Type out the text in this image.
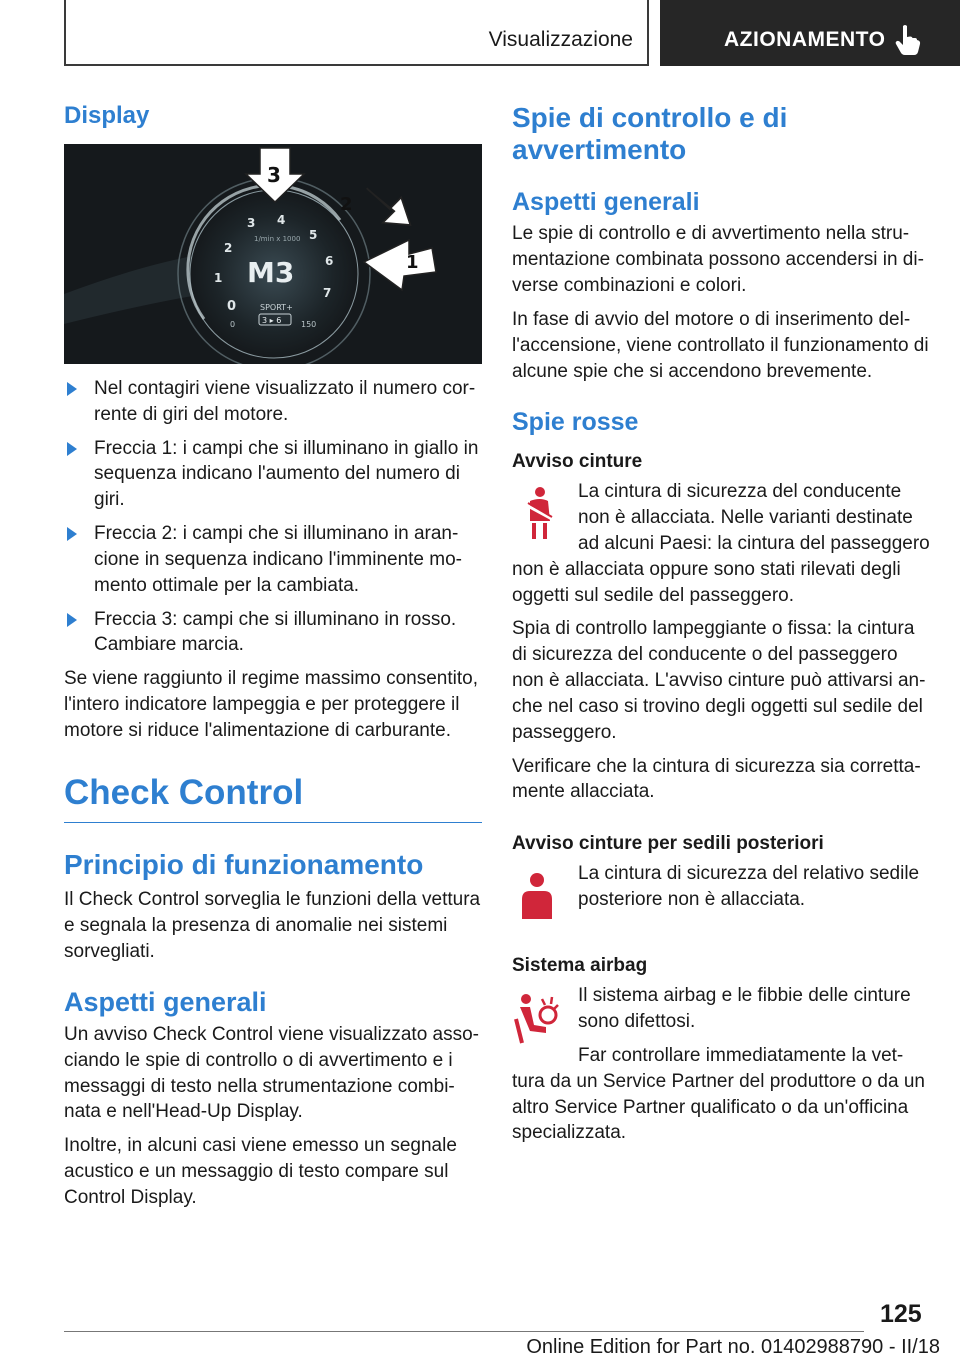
Visualizzazione	AZIONAMENTO
Display
1/min x 1000
M3
0
1
2
3 4
5
6
7
SPORT+
3 ▸ 6
0	150
3
2
1
Nel contagiri viene visualizzato il numero cor‐rente di giri del motore.
Freccia 1: i campi che si illuminano in giallo in sequenza indicano l'aumento del numero di giri.
Freccia 2: i campi che si illuminano in aran‐cione in sequenza indicano l'imminente mo‐mento ottimale per la cambiata.
Freccia 3: campi che si illuminano in rosso. Cambiare marcia.

Se viene raggiunto il regime massimo consentito, l'intero indicatore lampeggia e per proteggere il motore si riduce l'alimentazione di carburante.

Check Control
Principio di funzionamento

Il Check Control sorveglia le funzioni della vettura e segnala la presenza di anomalie nei sistemi sorvegliati.

Aspetti generali

Un avviso Check Control viene visualizzato asso‐ciando le spie di controllo o di avvertimento e i messaggi di testo nella strumentazione combi‐nata e nell'Head-Up Display.

Inoltre, in alcuni casi viene emesso un segnale acustico e un messaggio di testo compare sul Control Display.

Spie di controllo e di avvertimento
Aspetti generali

Le spie di controllo e di avvertimento nella stru‐mentazione combinata possono accendersi in di‐verse combinazioni e colori.

In fase di avvio del motore o di inserimento del‐l'accensione, viene controllato il funzionamento di alcune spie che si accendono brevemente.

Spie rosse
Avviso cinture

La cintura di sicurezza del conducente

non è allacciata. Nelle varianti destinate

ad alcuni Paesi: la cintura del passeggero

non è allacciata oppure sono stati rilevati degli oggetti sul sedile del passeggero.

Spia di controllo lampeggiante o fissa: la cintura di sicurezza del conducente o del passeggero non è allacciata. L'avviso cinture può attivarsi an‐che nel caso si trovino degli oggetti sul sedile del passeggero.

Verificare che la cintura di sicurezza sia corretta‐mente allacciata.

Avviso cinture per sedili posteriori

La cintura di sicurezza del relativo sedile

posteriore non è allacciata.

Sistema airbag

Il sistema airbag e le fibbie delle cinture

sono difettosi.

Far controllare immediatamente la vet‐

tura da un Service Partner del produttore o da un altro Service Partner qualificato o da un'officina specializzata.

125
Online Edition for Part no. 01402988790 - II/18
